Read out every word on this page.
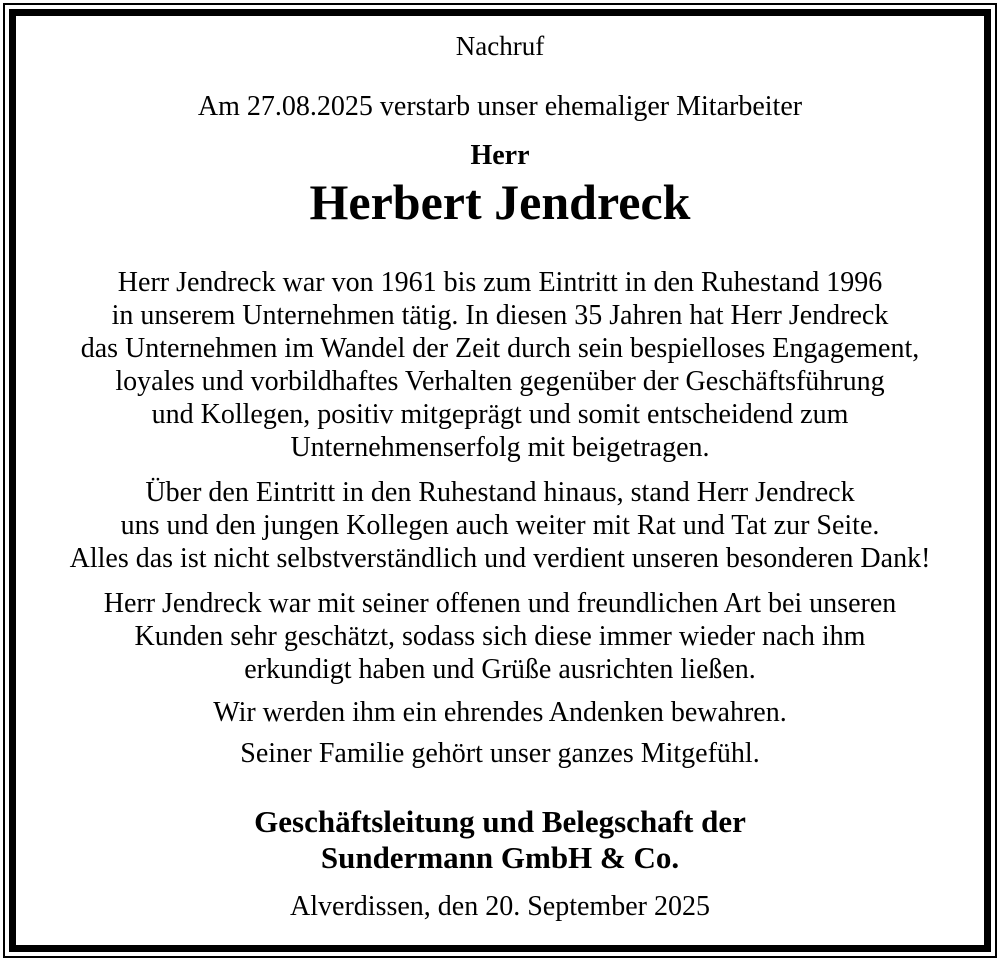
Nachruf
Am 27.08.2025 verstarb unser ehemaliger Mitarbeiter
Herr
Herbert Jendreck
Herr Jendreck war von 1961 bis zum Eintritt in den Ruhestand 1996
in unserem Unternehmen tätig. In diesen 35 Jahren hat Herr Jendreck
das Unternehmen im Wandel der Zeit durch sein bespielloses Engagement,
loyales und vorbildhaftes Verhalten gegenüber der Geschäftsführung
und Kollegen, positiv mitgeprägt und somit entscheidend zum
Unternehmenserfolg mit beigetragen.
Über den Eintritt in den Ruhestand hinaus, stand Herr Jendreck
uns und den jungen Kollegen auch weiter mit Rat und Tat zur Seite.
Alles das ist nicht selbstverständlich und verdient unseren besonderen Dank!
Herr Jendreck war mit seiner offenen und freundlichen Art bei unseren
Kunden sehr geschätzt, sodass sich diese immer wieder nach ihm
erkundigt haben und Grüße ausrichten ließen.
Wir werden ihm ein ehrendes Andenken bewahren.
Seiner Familie gehört unser ganzes Mitgefühl.
Geschäftsleitung und Belegschaft der
Sundermann GmbH & Co.
Alverdissen, den 20. September 2025
